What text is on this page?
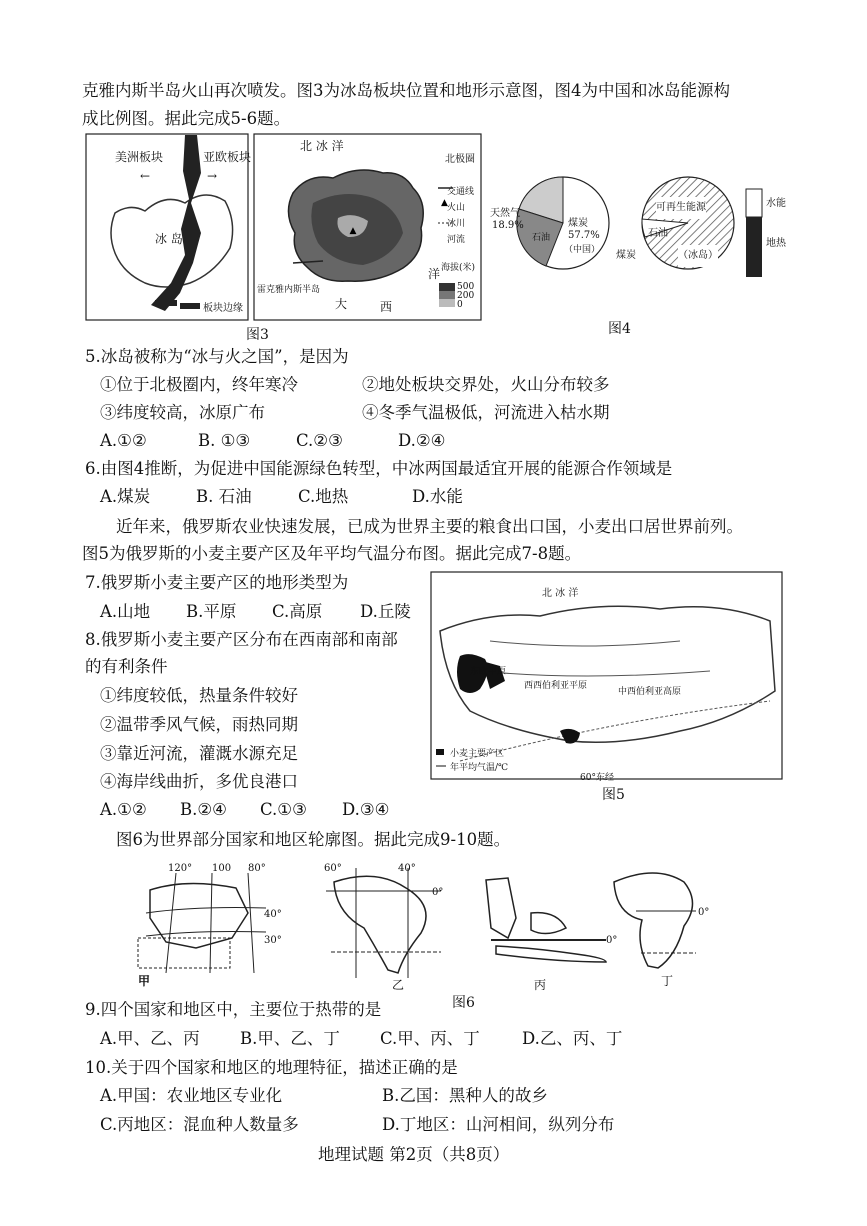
克雅内斯半岛火山再次喷发。图3为冰岛板块位置和地形示意图，图4为中国和冰岛能源构
成比例图。据此完成5-6题。
美洲板块	亚欧板块
←	→
冰 岛
板块边缘
▲
▲
北 冰 洋
北极圈
交通线
火山
冰川
河流
海拔(米)
500
200
0
雷克雅内斯半岛
大	西
洋
图3
天然气
18.9%	煤炭
57.7%
石油
（中国）
可再生能源
石油
煤炭	（冰岛）
水能
地热
图4
5.冰岛被称为“冰与火之国”，是因为
①位于北极圈内，终年寒冷	②地处板块交界处，火山分布较多
③纬度较高，冰原广布	④冬季气温极低，河流进入枯水期
A.①②	B. ①③	C.②③	D.②④
6.由图4推断，为促进中国能源绿色转型，中冰两国最适宜开展的能源合作领域是
A.煤炭	B. 石油	C.地热	D.水能
近年来，俄罗斯农业快速发展，已成为世界主要的粮食出口国，小麦出口居世界前列。
图5为俄罗斯的小麦主要产区及年平均气温分布图。据此完成7-8题。
7.俄罗斯小麦主要产区的地形类型为
A.山地 B.平原 C.高原 D.丘陵
8.俄罗斯小麦主要产区分布在西南部和南部
的有利条件
①纬度较低，热量条件较好
②温带季风气候，雨热同期
③靠近河流，灌溉水源充足
④海岸线曲折，多优良港口
A.①② B.②④ C.①③ D.③④
北 冰 洋
东欧平原
西西伯利亚平原
中西伯利亚高原
小麦主要产区
年平均气温/℃
60°东经
图5
图6为世界部分国家和地区轮廓图。据此完成9-10题。
120° 100 80°
40°
30°
甲
60°	40°
0°
乙
0°
丙
0°
丁
图6
9.四个国家和地区中，主要位于热带的是
A.甲、乙、丙 B.甲、乙、丁 C.甲、丙、丁	D.乙、丙、丁
10.关于四个国家和地区的地理特征，描述正确的是
A.甲国：农业地区专业化	B.乙国：黑种人的故乡
C.丙地区：混血种人数量多	D.丁地区：山河相间，纵列分布
地理试题 第2页（共8页）
